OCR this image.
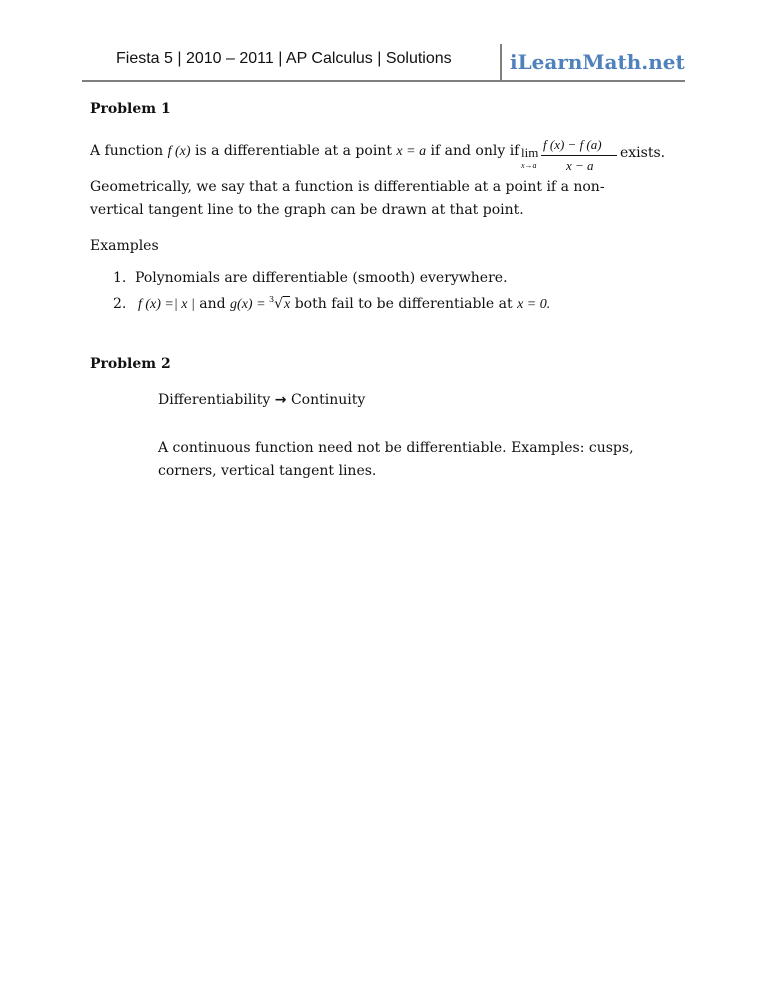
Fiesta 5 | 2010 – 2011 | AP Calculus | Solutions	iLearnMath.net
Problem 1
A function f (x) is a differentiable at a point x = a if and only if lim
x→a
f (x) − f (a)
x − a
exists.
Geometrically, we say that a function is differentiable at a point if a non-vertical tangent line to the graph can be drawn at that point.
Examples
1. Polynomials are differentiable (smooth) everywhere.
2. f (x) =| x | and g(x) = $^3$√x both fail to be differentiable at x = 0.
Problem 2
Differentiability → Continuity
A continuous function need not be differentiable. Examples: cusps, corners, vertical tangent lines.
